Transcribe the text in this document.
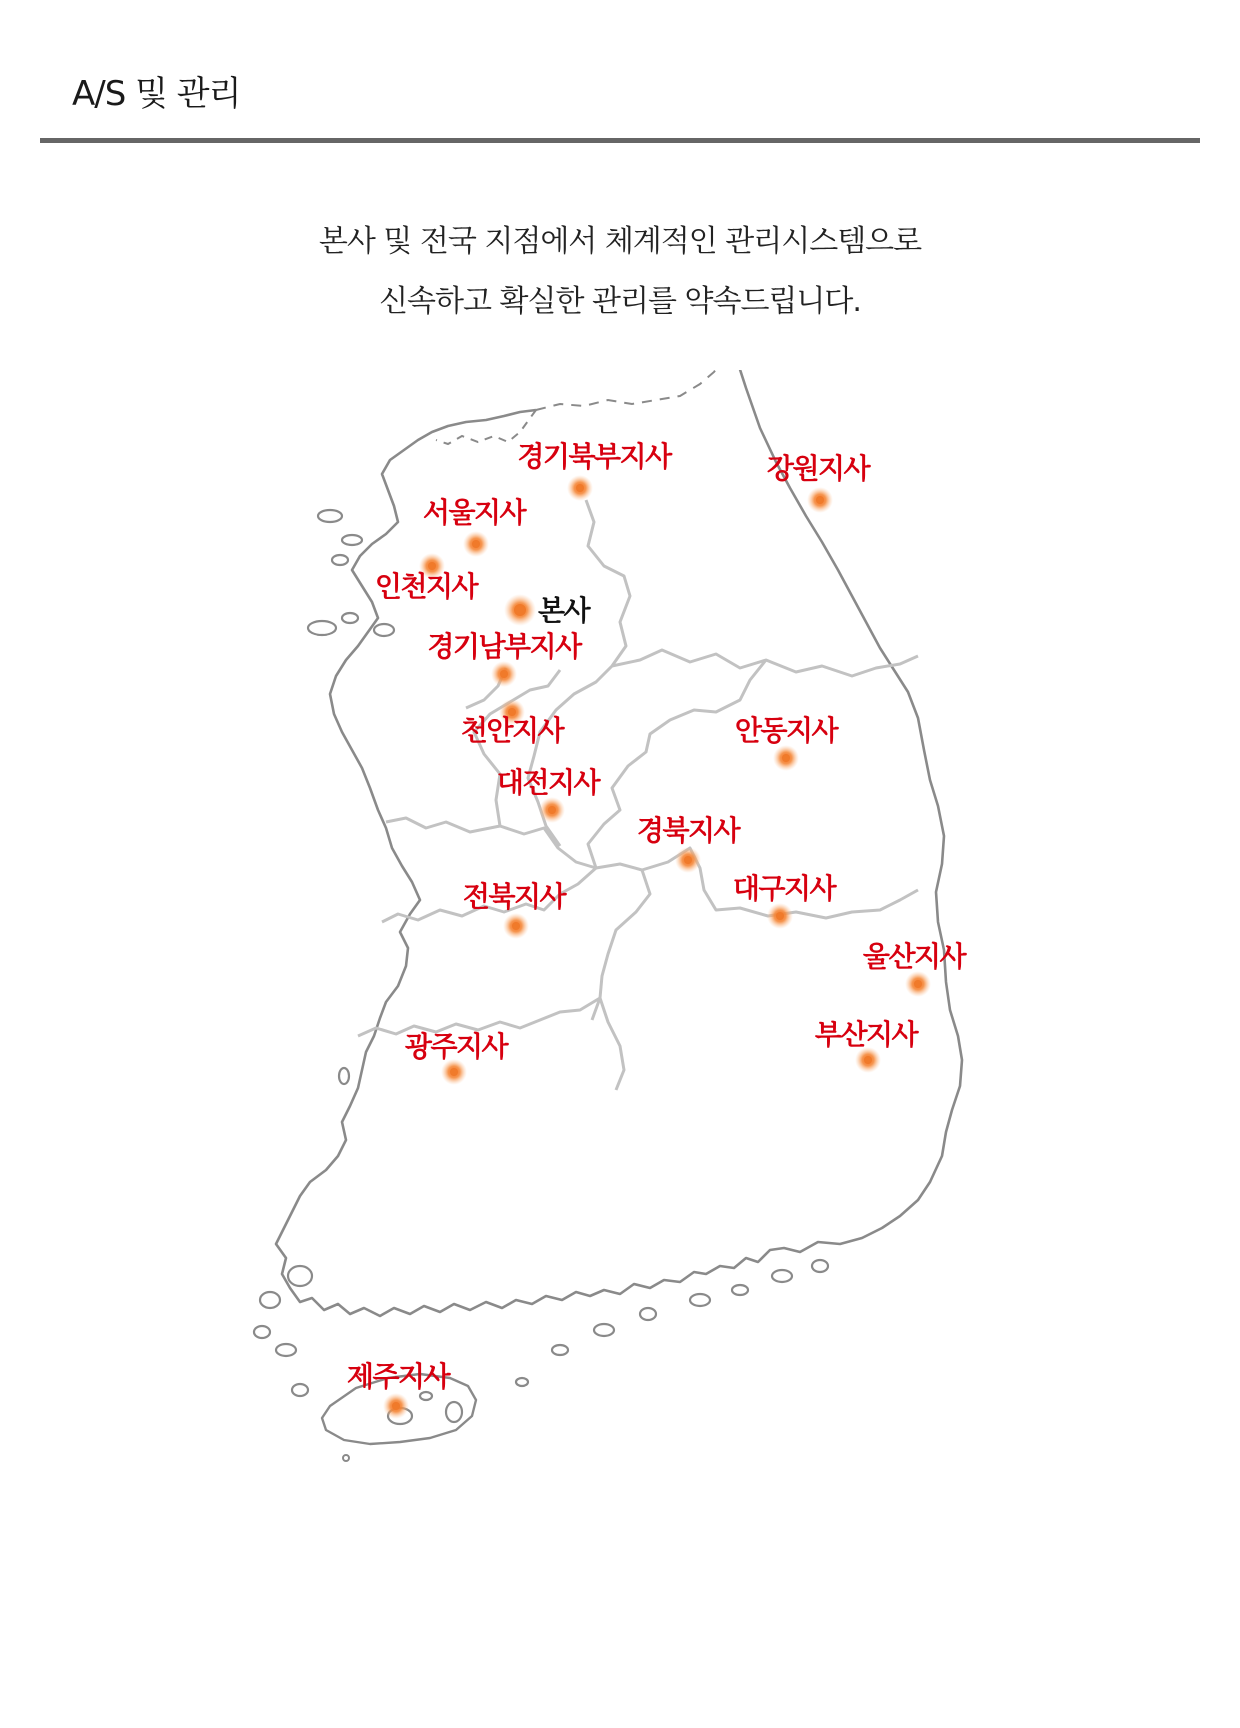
A/S 및 관리
본사 및 전국 지점에서 체계적인 관리시스템으로
신속하고 확실한 관리를 약속드립니다.
경기북부지사	강원지사
서울지사
인천지사
본사
경기남부지사
천안지사	안동지사
대전지사
경북지사
전북지사	대구지사
울산지사
부산지사
광주지사
제주지사
